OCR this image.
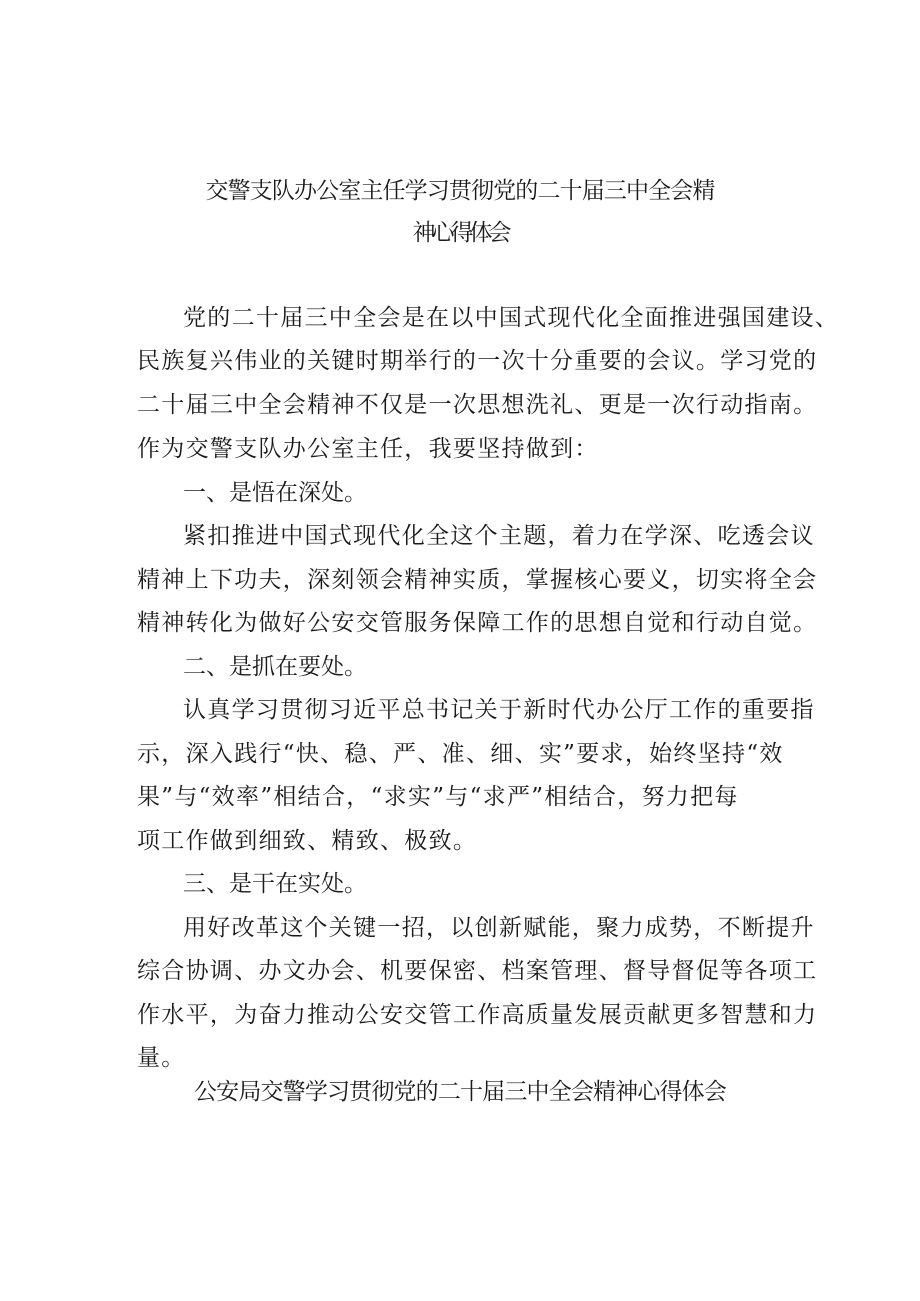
交警支队办公室主任学习贯彻党的二十届三中全会精
神心得体会
党的二十届三中全会是在以中国式现代化全面推进强国建设、
民族复兴伟业的关键时期举行的一次十分重要的会议。学习党的
二十届三中全会精神不仅是一次思想洗礼、更是一次行动指南。
作为交警支队办公室主任，我要坚持做到：
一、是悟在深处。
紧扣推进中国式现代化全这个主题，着力在学深、吃透会议
精神上下功夫，深刻领会精神实质，掌握核心要义，切实将全会
精神转化为做好公安交管服务保障工作的思想自觉和行动自觉。
二、是抓在要处。
认真学习贯彻习近平总书记关于新时代办公厅工作的重要指
示，深入践行“快、稳、严、准、细、实”要求，始终坚持“效
果”与“效率”相结合，“求实”与“求严”相结合，努力把每
项工作做到细致、精致、极致。
三、是干在实处。
用好改革这个关键一招，以创新赋能，聚力成势，不断提升
综合协调、办文办会、机要保密、档案管理、督导督促等各项工
作水平，为奋力推动公安交管工作高质量发展贡献更多智慧和力
量。
公安局交警学习贯彻党的二十届三中全会精神心得体会
